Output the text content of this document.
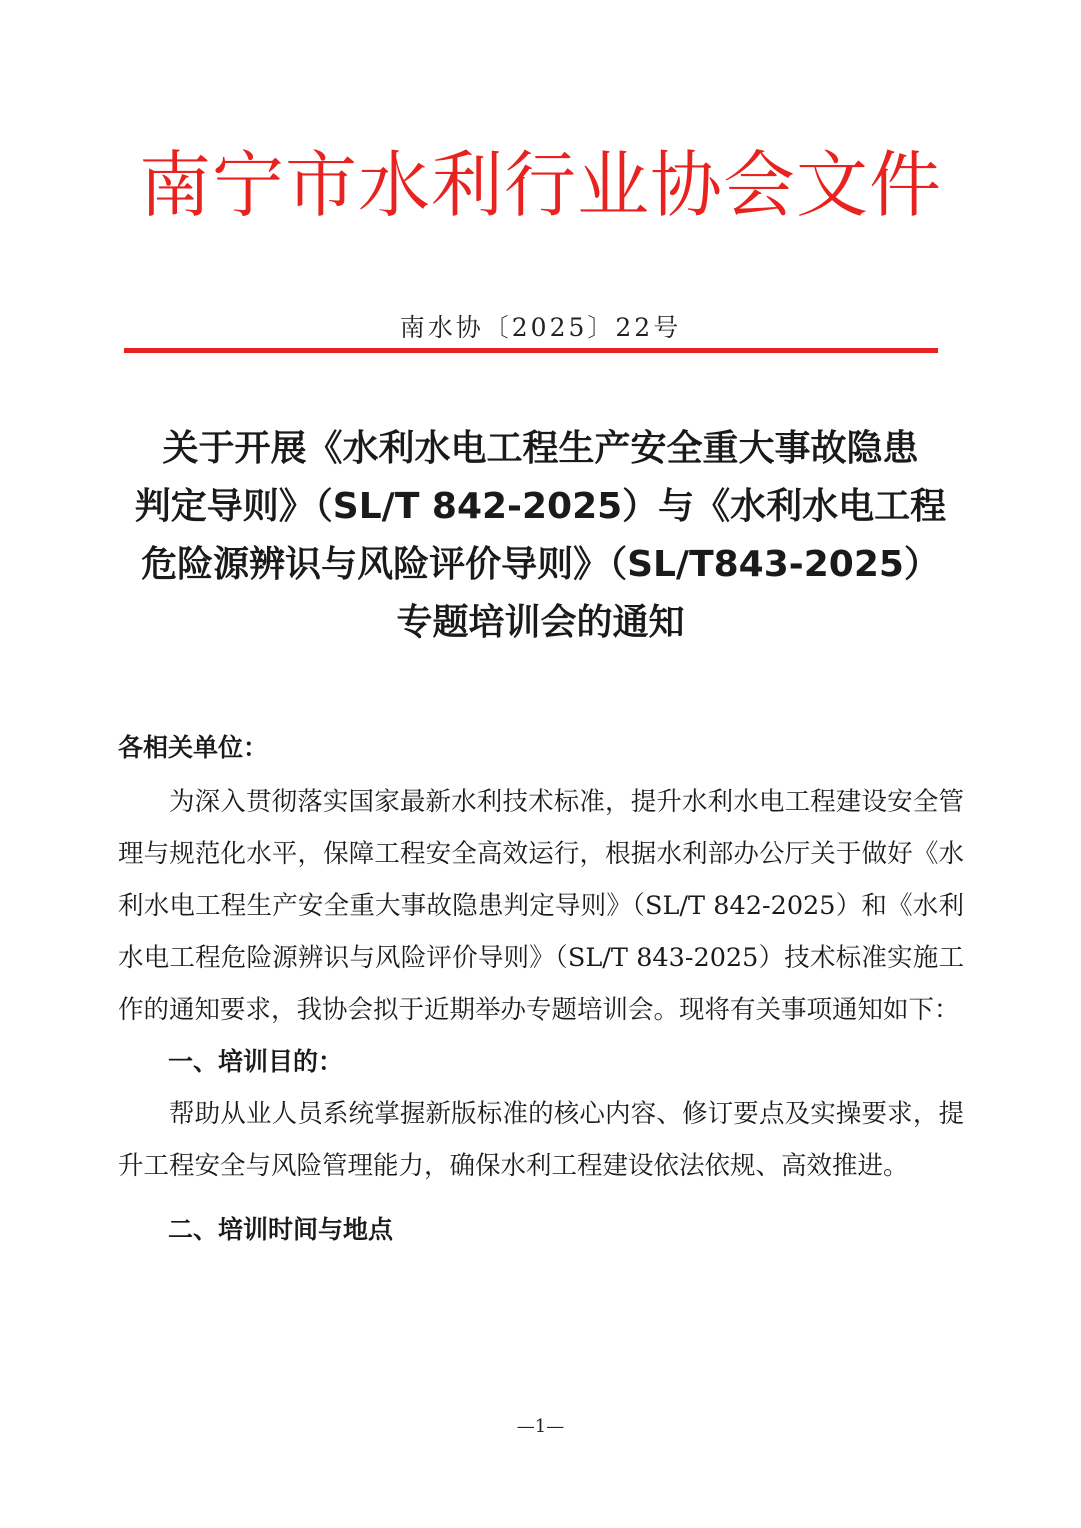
南宁市水利行业协会文件
南水协〔2025〕22号
关于开展《水利水电工程生产安全重大事故隐患
判定导则》（SL/T 842-2025）与《水利水电工程
危险源辨识与风险评价导则》（SL/T843-2025）
专题培训会的通知

各相关单位：

为深入贯彻落实国家最新水利技术标准，提升水利水电工程建设安全管理与规范化水平，保障工程安全高效运行，根据水利部办公厅关于做好《水利水电工程生产安全重大事故隐患判定导则》（SL/T 842-2025）和《水利水电工程危险源辨识与风险评价导则》（SL/T 843-2025）技术标准实施工作的通知要求，我协会拟于近期举办专题培训会。现将有关事项通知如下：

一、培训目的：

帮助从业人员系统掌握新版标准的核心内容、修订要点及实操要求，提升工程安全与风险管理能力，确保水利工程建设依法依规、高效推进。

二、培训时间与地点

—1—
